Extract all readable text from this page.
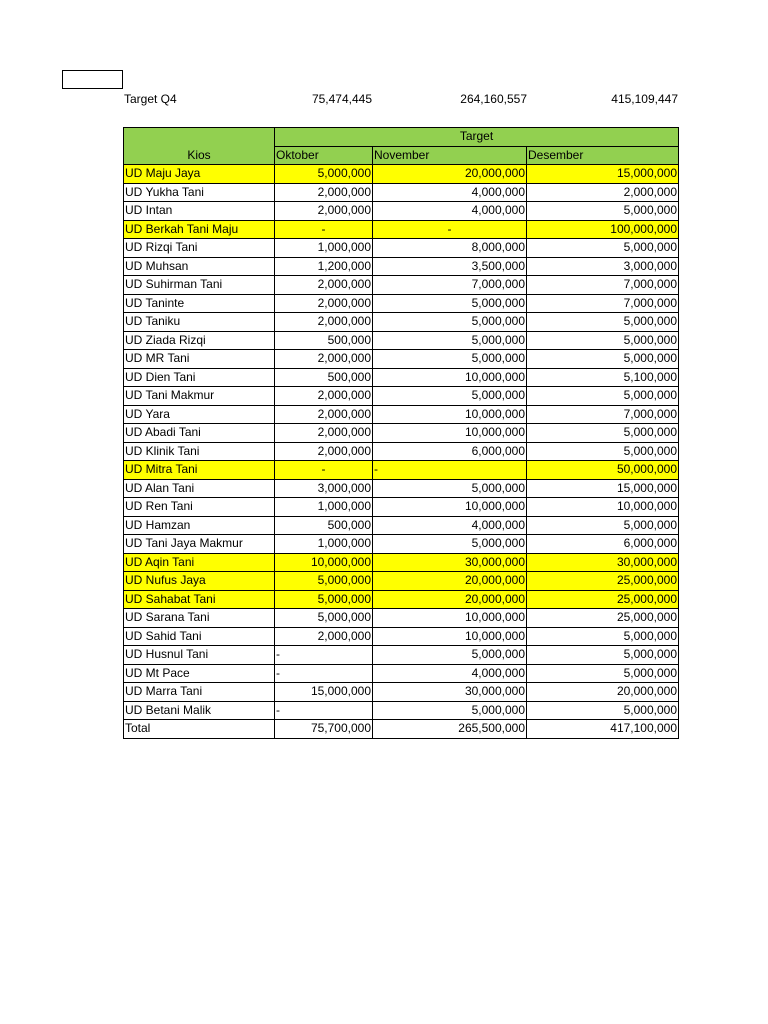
Target Q4	75,474,445	264,160,557	415,109,447
Kios	Target		
	Oktober	November	Desember
UD Maju Jaya	5,000,000	20,000,000	15,000,000
UD Yukha Tani	2,000,000	4,000,000	2,000,000
UD Intan	2,000,000	4,000,000	5,000,000
UD Berkah Tani Maju	-	-	100,000,000
UD Rizqi Tani	1,000,000	8,000,000	5,000,000
UD Muhsan	1,200,000	3,500,000	3,000,000
UD Suhirman Tani	2,000,000	7,000,000	7,000,000
UD Taninte	2,000,000	5,000,000	7,000,000
UD Taniku	2,000,000	5,000,000	5,000,000
UD Ziada Rizqi	500,000	5,000,000	5,000,000
UD MR Tani	2,000,000	5,000,000	5,000,000
UD Dien Tani	500,000	10,000,000	5,100,000
UD Tani Makmur	2,000,000	5,000,000	5,000,000
UD Yara	2,000,000	10,000,000	7,000,000
UD Abadi Tani	2,000,000	10,000,000	5,000,000
UD Klinik Tani	2,000,000	6,000,000	5,000,000
UD Mitra Tani	-	-	50,000,000
UD Alan Tani	3,000,000	5,000,000	15,000,000
UD Ren Tani	1,000,000	10,000,000	10,000,000
UD Hamzan	500,000	4,000,000	5,000,000
UD Tani Jaya Makmur	1,000,000	5,000,000	6,000,000
UD Aqin Tani	10,000,000	30,000,000	30,000,000
UD Nufus Jaya	5,000,000	20,000,000	25,000,000
UD Sahabat Tani	5,000,000	20,000,000	25,000,000
UD Sarana Tani	5,000,000	10,000,000	25,000,000
UD Sahid Tani	2,000,000	10,000,000	5,000,000
UD Husnul Tani	-	5,000,000	5,000,000
UD Mt Pace	-	4,000,000	5,000,000
UD Marra Tani	15,000,000	30,000,000	20,000,000
UD Betani Malik	-	5,000,000	5,000,000
Total	75,700,000	265,500,000	417,100,000
